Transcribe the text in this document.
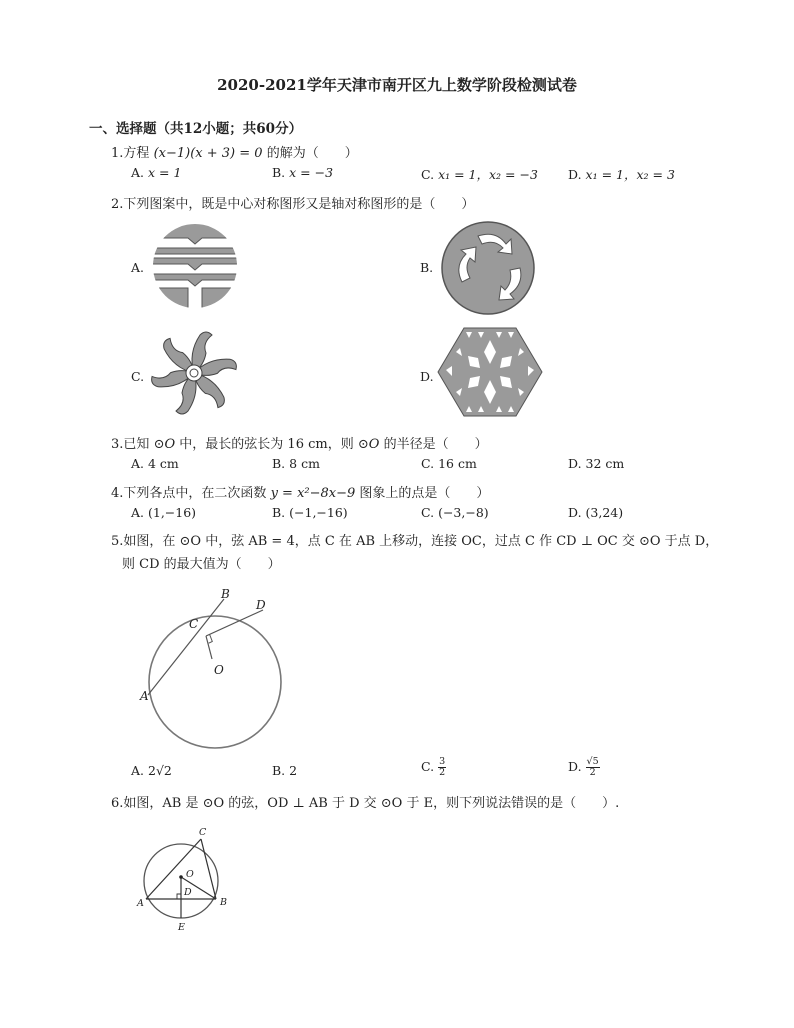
2020-2021学年天津市南开区九上数学阶段检测试卷
一、选择题（共12小题；共60分）
1.方程 (x−1)(x + 3) = 0 的解为（　　）
A. x = 1	B. x = −3	C. x₁ = 1，x₂ = −3 D. x₁ = 1，x₂ = 3
2.下列图案中，既是中心对称图形又是轴对称图形的是（　　）
A.	B.
C.	D.
3.已知 ⊙O 中，最长的弦长为 16 cm，则 ⊙O 的半径是（　　）
A. 4 cm	B. 8 cm	C. 16 cm	D. 32 cm
4.下列各点中，在二次函数 y = x²−8x−9 图象上的点是（　　）
A. (1,−16)	B. (−1,−16)	C. (−3,−8)	D. (3,24)
5.如图，在 ⊙O 中，弦 AB = 4，点 C 在 AB 上移动，连接 OC，过点 C 作 CD ⊥ OC 交 ⊙O 于点 D，
则 CD 的最大值为（　　）
B
D
C
O
A
A. 2√2	B. 2	C. $\frac{3}{2}$	D. $\frac{√5}{2}$
6.如图，AB 是 ⊙O 的弦，OD ⊥ AB 于 D 交 ⊙O 于 E，则下列说法错误的是（　　）.
C
O
D
A	B
E
